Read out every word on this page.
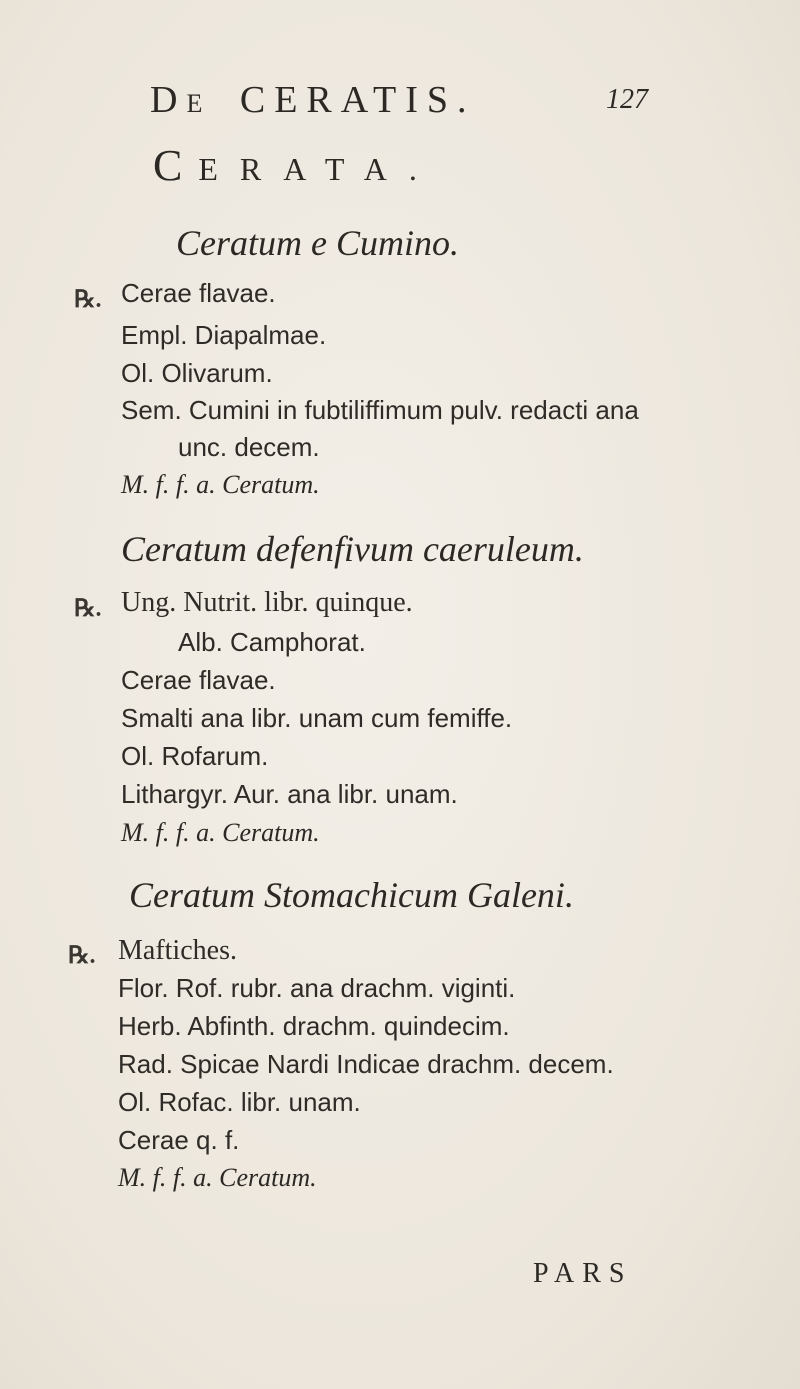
DE CERATIS.	127
CERATA.
Ceratum e Cumino.
℞. Cerae flavae.
Empl. Diapalmae.
Ol. Olivarum.
Sem. Cumini in fubtiliffimum pulv. redacti ana
unc. decem.
M. f. f. a. Ceratum.
Ceratum defenfivum caeruleum.
℞. Ung. Nutrit. libr. quinque.
Alb. Camphorat.
Cerae flavae.
Smalti ana libr. unam cum femiffe.
Ol. Rofarum.
Lithargyr. Aur. ana libr. unam.
M. f. f. a. Ceratum.
Ceratum Stomachicum Galeni.
℞. Maftiches.
Flor. Rof. rubr. ana drachm. viginti.
Herb. Abfinth. drachm. quindecim.
Rad. Spicae Nardi Indicae drachm. decem.
Ol. Rofac. libr. unam.
Cerae q. f.
M. f. f. a. Ceratum.
PARS
